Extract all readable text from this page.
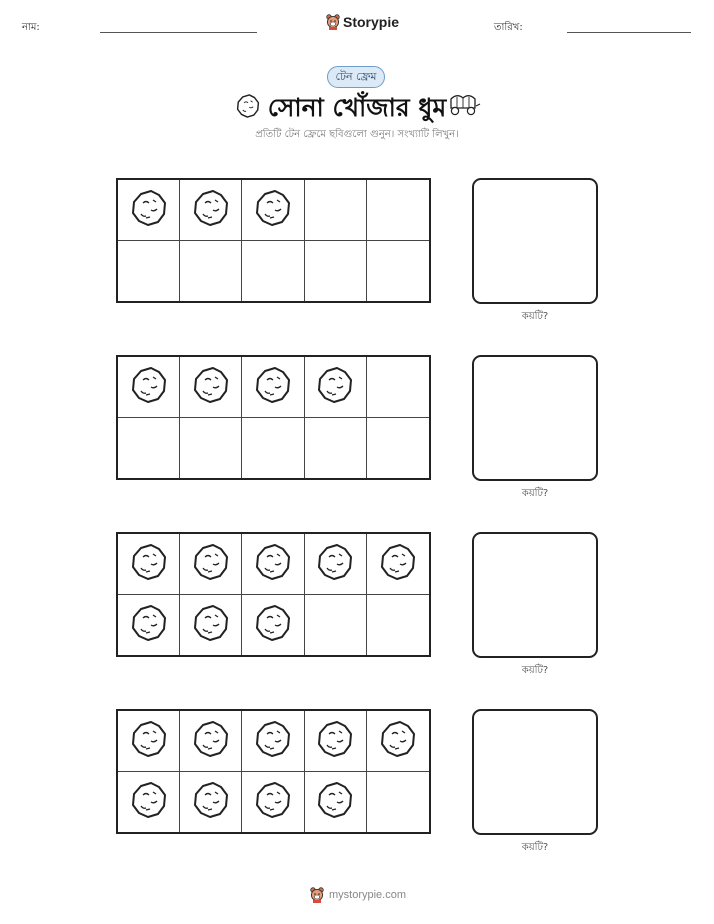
নাম:	Storypie	তারিখ:
টেন ফ্রেম
সোনা খোঁজার ধুম
প্রতিটি টেন ফ্রেমে ছবিগুলো গুনুন। সংখ্যাটি লিখুন।
কয়টি?
কয়টি?
কয়টি?
কয়টি?
mystorypie.com
